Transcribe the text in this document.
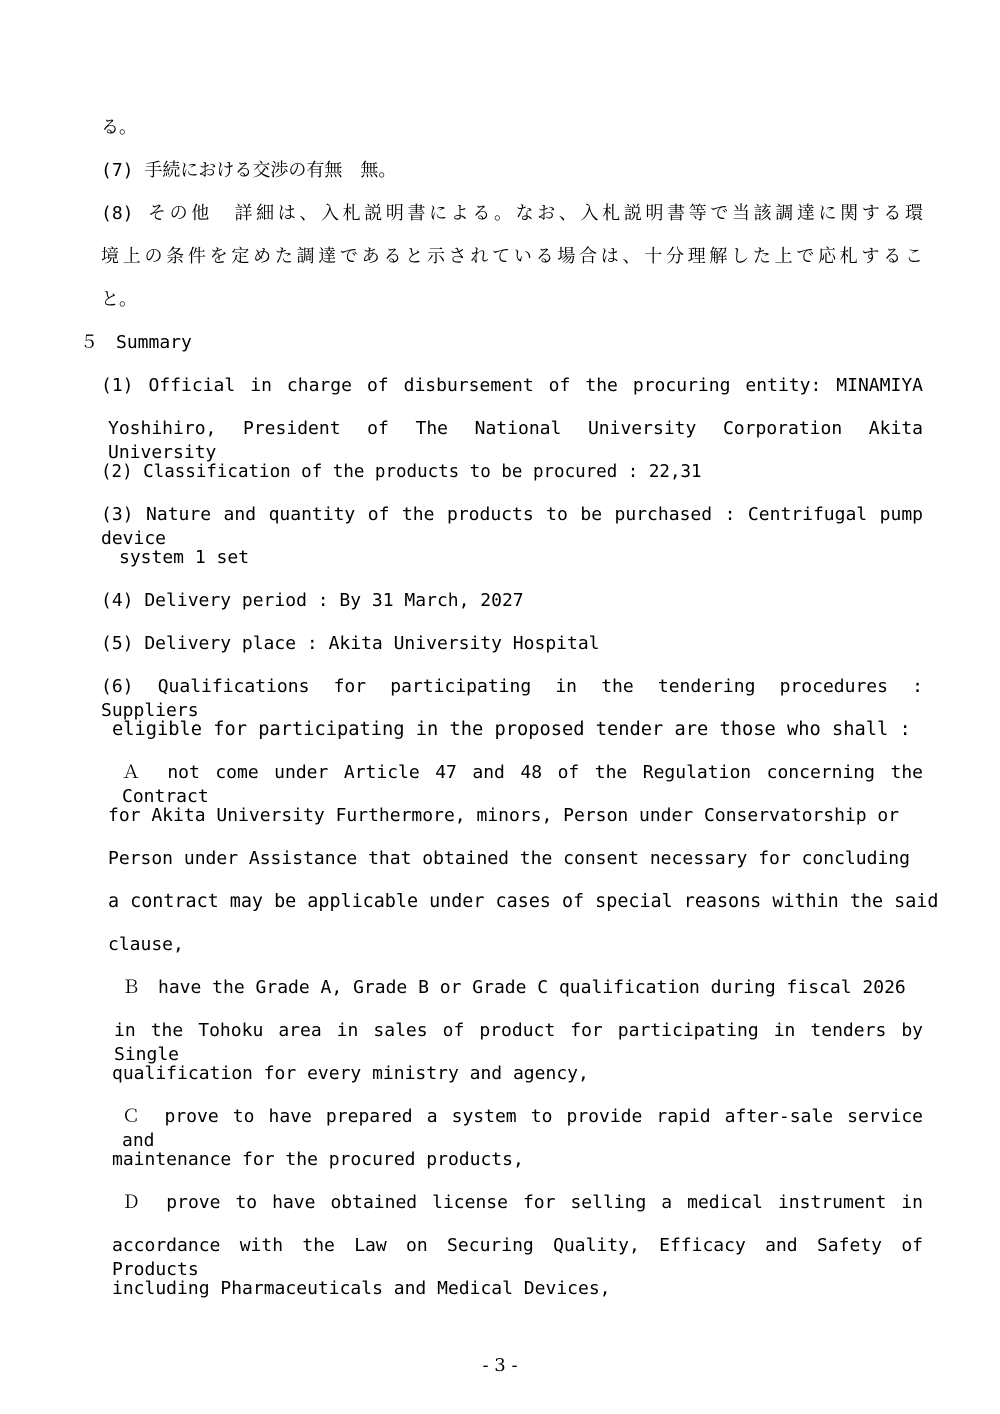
る。
(7) 手続における交渉の有無　無。
(8) その他　詳細は、入札説明書による。なお、入札説明書等で当該調達に関する環
境上の条件を定めた調達であると示されている場合は、十分理解した上で応札するこ
と。
５　Summary
(1) Official in charge of disbursement of the procuring entity: MINAMIYA
Yoshihiro, President of The National University Corporation Akita University
(2) Classification of the products to be procured : 22,31
(3) Nature and quantity of the products to be purchased : Centrifugal pump device
system 1 set
(4) Delivery period : By 31 March, 2027
(5) Delivery place : Akita University Hospital
(6) Qualifications for participating in the tendering procedures : Suppliers
eligible for participating in the proposed tender are those who shall :
Ａ　not come under Article 47 and 48 of the Regulation concerning the Contract
for Akita University Furthermore, minors, Person under Conservatorship or
Person under Assistance that obtained the consent necessary for concluding
a contract may be applicable under cases of special reasons within the said
clause,
Ｂ　have the Grade A, Grade B or Grade C qualification during fiscal 2026
in the Tohoku area in sales of product for participating in tenders by Single
qualification for every ministry and agency,
Ｃ　prove to have prepared a system to provide rapid after-sale service and
maintenance for the procured products,
Ｄ　prove to have obtained license for selling a medical instrument in
accordance with the Law on Securing Quality, Efficacy and Safety of Products
including Pharmaceuticals and Medical Devices,
- 3 -
